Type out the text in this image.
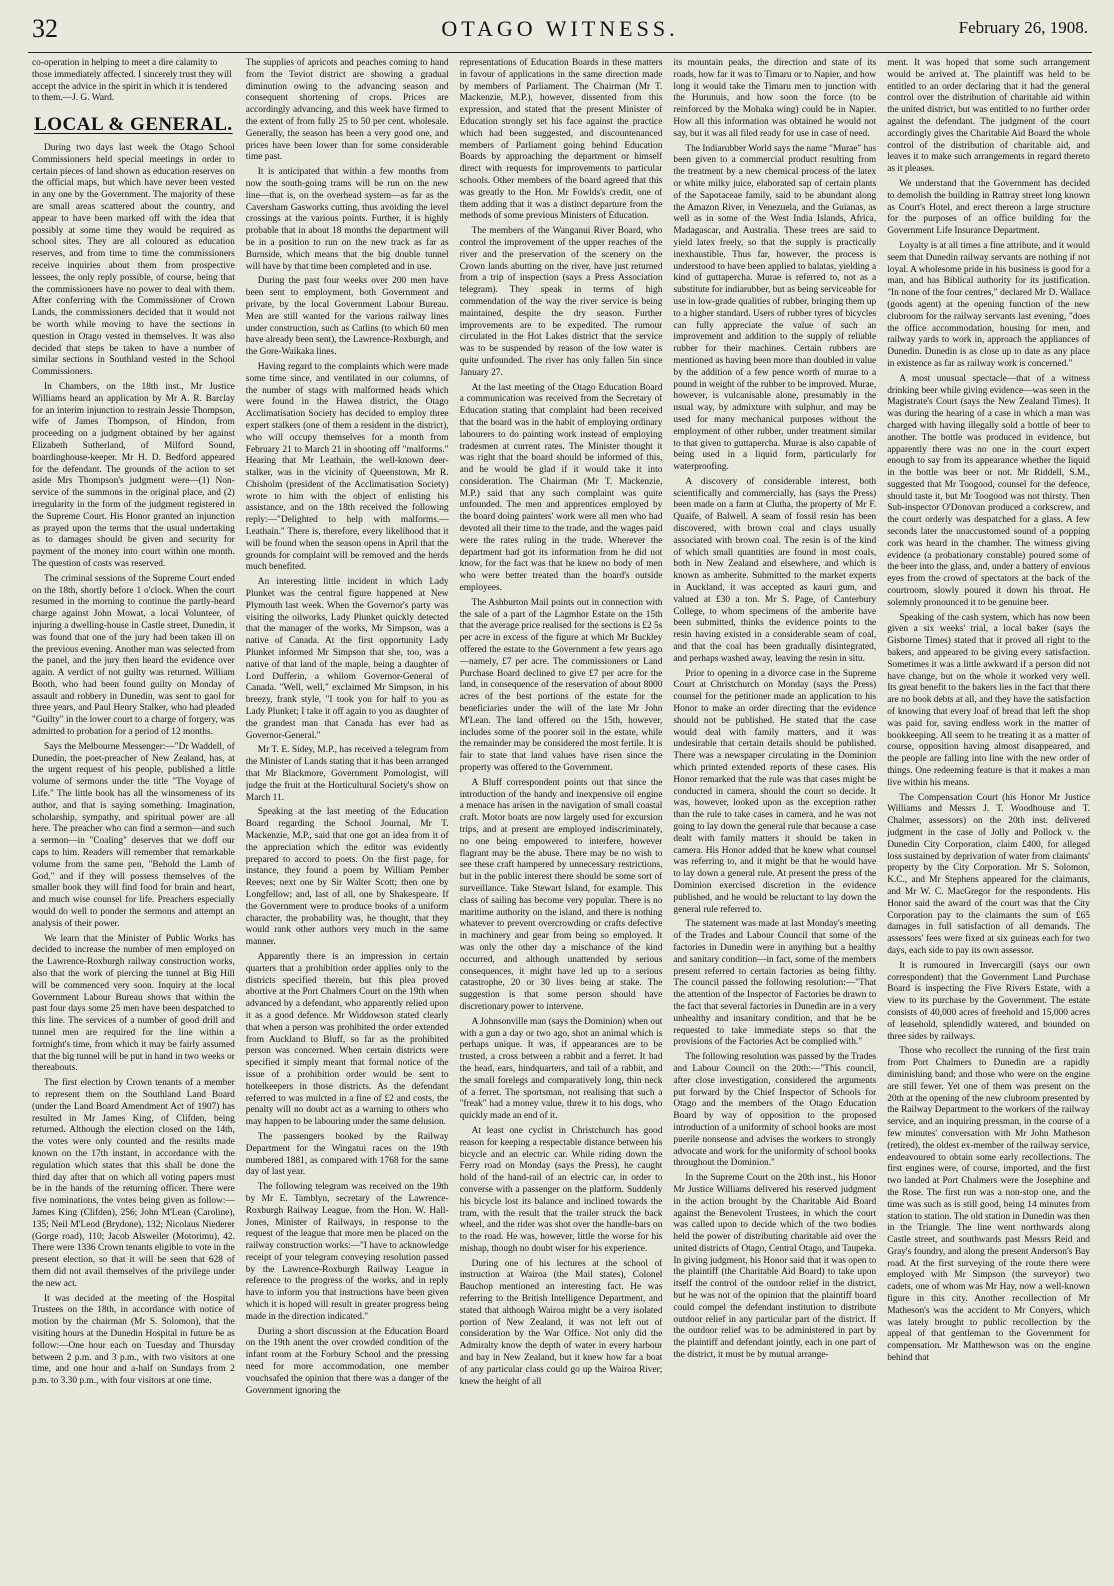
32	OTAGO WITNESS.	February 26, 1908.

co-operation in helping to meet a dire calamity to those immediately affected. I sincerely trust they will accept the advice in the spirit in which it is tendered to them.—J. G. Ward.

LOCAL & GENERAL.

During two days last week the Otago School Commissioners held special meetings in order to certain pieces of land shown as education reserves on the official maps, but which have never been vested in any one by the Government. The majority of these are small areas scattered about the country, and appear to have been marked off with the idea that possibly at some time they would be required as school sites. They are all coloured as education reserves, and from time to time the commissioners receive inquiries about them from prospective lessees, the only reply possible, of course, being that the commissioners have no power to deal with them. After conferring with the Commissioner of Crown Lands, the commissioners decided that it would not be worth while moving to have the sections in question in Otago vested in themselves. It was also decided that steps be taken to have a number of similar sections in Southland vested in the School Commissioners.

In Chambers, on the 18th inst., Mr Justice Williams heard an application by Mr A. R. Barclay for an interim injunction to restrain Jessie Thompson, wife of James Thompson, of Hindon, from proceeding on a judgment obtained by her against Elizabeth Sutherland, of Milford Sound, boardinghouse-keeper. Mr H. D. Bedford appeared for the defendant. The grounds of the action to set aside Mrs Thompson's judgment were—(1) Non-service of the summons in the original place, and (2) irregularity in the form of the judgment registered in the Supreme Court. His Honor granted an injunction as prayed upon the terms that the usual undertaking as to damages should be given and security for payment of the money into court within one month. The question of costs was reserved.

The criminal sessions of the Supreme Court ended on the 18th, shortly before 1 o'clock. When the court resumed in the morning to continue the partly-heard charge against John Mowat, a local Volunteer, of injuring a dwelling-house in Castle street, Dunedin, it was found that one of the jury had been taken ill on the previous evening. Another man was selected from the panel, and the jury then heard the evidence over again. A verdict of not guilty was returned. William Booth, who had been found guilty on Monday of assault and robbery in Dunedin, was sent to gaol for three years, and Paul Henry Stalker, who had pleaded "Guilty" in the lower court to a charge of forgery, was admitted to probation for a period of 12 months.

Says the Melbourne Messenger:—"Dr Waddell, of Dunedin, the poet-preacher of New Zealand, has, at the urgent request of his people, published a little volume of sermons under the title "The Voyage of Life." The little book has all the winsomeness of its author, and that is saying something. Imagination, scholarship, sympathy, and spiritual power are all here. The preacher who can find a sermon—and such a sermon—in "Coaling" deserves that we doff our caps to him. Readers will remember that remarkable volume from the same pen, "Behold the Lamb of God," and if they will possess themselves of the smaller book they will find food for brain and heart, and much wise counsel for life. Preachers especially would do well to ponder the sermons and attempt an analysis of their power.

We learn that the Minister of Public Works has decided to increase the number of men employed on the Lawrence-Roxburgh railway construction works, also that the work of piercing the tunnel at Big Hill will be commenced very soon. Inquiry at the local Government Labour Bureau shows that within the past four days some 25 men have been despatched to this line. The services of a number of good drill and tunnel men are required for the line within a fortnight's time, from which it may be fairly assumed that the big tunnel will be put in hand in two weeks or thereabouts.

The first election by Crown tenants of a member to represent them on the Southland Land Board (under the Land Board Amendment Act of 1907) has resulted in Mr James King, of Clifden, being returned. Although the election closed on the 14th, the votes were only counted and the results made known on the 17th instant, in accordance with the regulation which states that this shall be done the third day after that on which all voting papers must be in the hands of the returning officer. There were five nominations, the votes being given as follow:—James King (Clifden), 256; John M'Lean (Caroline), 135; Neil M'Leod (Brydone), 132; Nicolaus Niederer (Gorge road), 110; Jacob Alsweiler (Motorimu), 42. There were 1336 Crown tenants eligible to vote in the present election, so that it will be seen that 628 of them did not avail themselves of the privilege under the new act.

It was decided at the meeting of the Hospital Trustees on the 18th, in accordance with notice of motion by the chairman (Mr S. Solomon), that the visiting hours at the Dunedin Hospital in future be as follow:—One hour each on Tuesday and Thursday between 2 p.m. and 3 p.m., with two visitors at one time, and one hour and a-half on Sundays from 2 p.m. to 3.30 p.m., with four visitors at one time.

The supplies of apricots and peaches coming to hand from the Teviot district are showing a gradual diminution owing to the advancing season and consequent shortening of crops. Prices are accordingly advancing, and this week have firmed to the extent of from fully 25 to 50 per cent. wholesale. Generally, the season has been a very good one, and prices have been lower than for some considerable time past.

It is anticipated that within a few months from now the south-going trams will be run on the new line—that is, on the overhead system—as far as the Caversham Gasworks cutting, thus avoiding the level crossings at the various points. Further, it is highly probable that in about 18 months the department will be in a position to run on the new track as far as Burnside, which means that the big double tunnel will have by that time been completed and in use.

During the past four weeks over 200 men have been sent to employment, both Government and private, by the local Government Labour Bureau. Men are still wanted for the various railway lines under construction, such as Catlins (to which 60 men have already been sent), the Lawrence-Roxburgh, and the Gore-Waikaka lines.

Having regard to the complaints which were made some time since, and ventilated in our columns, of the number of stags with malformed heads which were found in the Hawea district, the Otago Acclimatisation Society has decided to employ three expert stalkers (one of them a resident in the district), who will occupy themselves for a month from February 21 to March 21 in shooting off "malforms." Hearing that Mr Leathain, the well-known deer-stalker, was in the vicinity of Queenstown, Mr R. Chisholm (president of the Acclimatisation Society) wrote to him with the object of enlisting his assistance, and on the 18th received the following reply:—"Delighted to help with malforms.—Leathain." There is, therefore, every likelihood that it will be found when the season opens in April that the grounds for complaint will be removed and the herds much benefited.

An interesting little incident in which Lady Plunket was the central figure happened at New Plymouth last week. When the Governor's party was visiting the oilworks, Lady Plunket quickly detected that the manager of the works, Mr Simpson, was a native of Canada. At the first opportunity Lady Plunket informed Mr Simpson that she, too, was a native of that land of the maple, being a daughter of Lord Dufferin, a whilom Governor-General of Canada. "Well, well," exclaimed Mr Simpson, in his breezy, frank style, "I took you for half to you as Lady Plunket; I take it off again to you as daughter of the grandest man that Canada has ever had as Governor-General."

Mr T. E. Sidey, M.P., has received a telegram from the Minister of Lands stating that it has been arranged that Mr Blackmore, Government Pomologist, will judge the fruit at the Horticultural Society's show on March 11.

Speaking at the last meeting of the Education Board regarding the School Journal, Mr T. Mackenzie, M.P., said that one got an idea from it of the appreciation which the editor was evidently prepared to accord to poets. On the first page, for instance, they found a poem by William Pember Reeves; next one by Sir Walter Scott; then one by Longfellow; and, last of all, one by Shakespeare. If the Government were to produce books of a uniform character, the probability was, he thought, that they would rank other authors very much in the same manner.

Apparently there is an impression in certain quarters that a prohibition order applies only to the districts specified therein, but this plea proved abortive at the Port Chalmers Court on the 19th when advanced by a defendant, who apparently relied upon it as a good defence. Mr Widdowson stated clearly that when a person was prohibited the order extended from Auckland to Bluff, so far as the prohibited person was concerned. When certain districts were specified it simply meant that formal notice of the issue of a prohibition order would be sent to hotelkeepers in those districts. As the defendant referred to was mulcted in a fine of £2 and costs, the penalty will no doubt act as a warning to others who may happen to be labouring under the same delusion.

The passengers booked by the Railway Department for the Wingatui races on the 19th numbered 1881, as compared with 1768 for the same day of last year.

The following telegram was received on the 19th by Mr E. Tamblyn, secretary of the Lawrence-Roxburgh Railway League, from the Hon. W. Hall-Jones, Minister of Railways, in response to the request of the league that more men be placed on the railway construction works:—"I have to acknowledge receipt of your telegram conveying resolution passed by the Lawrence-Roxburgh Railway League in reference to the progress of the works, and in reply have to inform you that instructions have been given which it is hoped will result in greater progress being made in the direction indicated."

During a short discussion at the Education Board on the 19th anent the over crowded condition of the infant room at the Forbury School and the pressing need for more accommodation, one member vouchsafed the opinion that there was a danger of the Government ignoring the

representations of Education Boards in these matters in favour of applications in the same direction made by members of Parliament. The Chairman (Mr T. Mackenzie, M.P.), however, dissented from this expression, and stated that the present Minister of Education strongly set his face against the practice which had been suggested, and discountenanced members of Parliament going behind Education Boards by approaching the department or himself direct with requests for improvements to particular schools. Other members of the board agreed that this was greatly to the Hon. Mr Fowlds's credit, one of them adding that it was a distinct departure from the methods of some previous Ministers of Education.

The members of the Wanganui River Board, who control the improvement of the upper reaches of the river and the preservation of the scenery on the Crown lands abutting on the river, have just returned from a trip of inspection (says a Press Association telegram). They speak in terms of high commendation of the way the river service is being maintained, despite the dry season. Further improvements are to be expedited. The rumour circulated in the Hot Lakes district that the service was to be suspended by reason of the low water is quite unfounded. The river has only fallen 5in since January 27.

At the last meeting of the Otago Education Board a communication was received from the Secretary of Education stating that complaint had been received that the board was in the habit of employing ordinary labourers to do painting work instead of employing tradesmen at current rates. The Minister thought it was right that the board should be informed of this, and he would be glad if it would take it into consideration. The Chairman (Mr T. Mackenzie, M.P.) said that any such complaint was quite unfounded. The men and apprentices employed by the board doing painters' work were all men who had devoted all their time to the trade, and the wages paid were the rates ruling in the trade. Wherever the department had got its information from he did not know, for the fact was that he knew no body of men who were better treated than the board's outside employees.

The Ashburton Mail points out in connection with the sale of a part of the Lagmhor Estate on the 15th that the average price realised for the sections is £2 5s per acre in excess of the figure at which Mr Buckley offered the estate to the Government a few years ago—namely, £7 per acre. The commissioners or Land Purchase Board declined to give £7 per acre for the land, in consequence of the reservation of about 8000 acres of the best portions of the estate for the beneficiaries under the will of the late Mr John M'Lean. The land offered on the 15th, however, includes some of the poorer soil in the estate, while the remainder may be considered the most fertile. It is fair to state that land values have risen since the property was offered to the Government.

A Bluff correspondent points out that since the introduction of the handy and inexpensive oil engine a menace has arisen in the navigation of small coastal craft. Motor boats are now largely used for excursion trips, and at present are employed indiscriminately, no one being empowered to interfere, however flagrant may be the abuse. There may be no wish to see these craft hampered by unnecessary restrictions, but in the public interest there should be some sort of surveillance. Take Stewart Island, for example. This class of sailing has become very popular. There is no maritime authority on the island, and there is nothing whatever to prevent overcrowding or crafts defective in machinery and gear from being so employed. It was only the other day a mischance of the kind occurred, and although unattended by serious consequences, it might have led up to a serious catastrophe, 20 or 30 lives being at stake. The suggestion is that some person should have discretionary power to intervene.

A Johnsonville man (says the Dominion) when out with a gun a day or two ago, shot an animal which is perhaps unique. It was, if appearances are to be trusted, a cross between a rabbit and a ferret. It had the head, ears, hindquarters, and tail of a rabbit, and the small forelegs and comparatively long, thin neck of a ferret. The sportsman, not realising that such a "freak" had a money value, threw it to his dogs, who quickly made an end of it.

At least one cyclist in Christchurch has good reason for keeping a respectable distance between his bicycle and an electric car. While riding down the Ferry road on Monday (says the Press), he caught hold of the hand-rail of an electric car, in order to converse with a passenger on the platform. Suddenly his bicycle lost its balance and inclined towards the tram, with the result that the trailer struck the back wheel, and the rider was shot over the handle-bars on to the road. He was, however, little the worse for his mishap, though no doubt wiser for his experience.

During one of his lectures at the school of instruction at Wairoa (the Mail states), Colonel Bauchop mentioned an interesting fact. He was referring to the British Intelligence Department, and stated that although Wairoa might be a very isolated portion of New Zealand, it was not left out of consideration by the War Office. Not only did the Admiralty know the depth of water in every harbour and bay in New Zealand, but it knew how far a boat of any particular class could go up the Wairoa River; knew the height of all

its mountain peaks, the direction and state of its roads, how far it was to Timaru or to Napier, and how long it would take the Timaru men to junction with the Hurunuis, and how soon the force (to be reinforced by the Mohaka wing) could be in Napier. How all this information was obtained he would not say, but it was all filed ready for use in case of need.

The Indiarubber World says the name "Murae" has been given to a commercial product resulting from the treatment by a new chemical process of the latex or white milky juice, elaborated sap of certain plants of the Sapotaceae family, said to be abundant along the Amazon River, in Venezuela, and the Guianas, as well as in some of the West India Islands, Africa, Madagascar, and Australia. These trees are said to yield latex freely, so that the supply is practically inexhaustible. Thus far, however, the process is understood to have been applied to balatas, yielding a kind of guttapercha. Murae is referred to, not as a substitute for indiarubber, but as being serviceable for use in low-grade qualities of rubber, bringing them up to a higher standard. Users of rubber tyres of bicycles can fully appreciate the value of such an improvement and addition to the supply of reliable rubber for their machines. Certain rubbers are mentioned as having been more than doubled in value by the addition of a few pence worth of murae to a pound in weight of the rubber to be improved. Murae, however, is vulcanisable alone, presumably in the usual way, by admixture with sulphur, and may be used for many mechanical purposes without the employment of other rubber, under treatment similar to that given to guttapercha. Murae is also capable of being used in a liquid form, particularly for waterproofing.

A discovery of considerable interest, both scientifically and commercially, has (says the Press) been made on a farm at Clutha, the property of Mr F. Quaife, of Balwell. A seam of fossil resin has been discovered, with brown coal and clays usually associated with brown coal. The resin is of the kind of which small quantities are found in most coals, both in New Zealand and elsewhere, and which is known as amberite. Submitted to the market experts in Auckland, it was accepted as kauri gum, and valued at £30 a ton. Mr S. Page, of Canterbury College, to whom specimens of the amberite have been submitted, thinks the evidence points to the resin having existed in a considerable seam of coal, and that the coal has been gradually disintegrated, and perhaps washed away, leaving the resin in situ.

Prior to opening in a divorce case in the Supreme Court at Christchurch on Monday (says the Press) counsel for the petitioner made an application to his Honor to make an order directing that the evidence should not be published. He stated that the case would deal with family matters, and it was undesirable that certain details should be published. There was a newspaper circulating in the Dominion which printed extended reports of these cases. His Honor remarked that the rule was that cases might be conducted in camera, should the court so decide. It was, however, looked upon as the exception rather than the rule to take cases in camera, and he was not going to lay down the general rule that because a case dealt with family matters it should be taken in camera. His Honor added that he knew what counsel was referring to, and it might be that he would have to lay down a general rule. At present the press of the Dominion exercised discretion in the evidence published, and he would be reluctant to lay down the general rule referred to.

The statement was made at last Monday's meeting of the Trades and Labour Council that some of the factories in Dunedin were in anything but a healthy and sanitary condition—in fact, some of the members present referred to certain factories as being filthy. The council passed the following resolution:—"That the attention of the Inspector of Factories be drawn to the fact that several factories in Dunedin are in a very unhealthy and insanitary condition, and that he be requested to take immediate steps so that the provisions of the Factories Act be complied with."

The following resolution was passed by the Trades and Labour Council on the 20th:—"This council, after close investigation, considered the arguments put forward by the Chief Inspector of Schools for Otago and the members of the Otago Education Board by way of opposition to the proposed introduction of a uniformity of school books are most puerile nonsense and advises the workers to strongly advocate and work for the uniformity of school books throughout the Dominion."

In the Supreme Court on the 20th inst., his Honor Mr Justice Williams delivered his reserved judgment in the action brought by the Charitable Aid Board against the Benevolent Trustees, in which the court was called upon to decide which of the two bodies held the power of distributing charitable aid over the united districts of Otago, Central Otago, and Taupeka. In giving judgment, his Honor said that it was open to the plaintiff (the Charitable Aid Board) to take upon itself the control of the outdoor relief in the district, but he was not of the opinion that the plaintiff board could compel the defendant institution to distribute outdoor relief in any particular part of the district. If the outdoor relief was to be administered in part by the plaintiff and defendant jointly, each in one part of the district, it must be by mutual arrange-

ment. It was hoped that some such arrangement would be arrived at. The plaintiff was held to be entitled to an order declaring that it had the general control over the distribution of charitable aid within the united district, but was entitled to no further order against the defendant. The judgment of the court accordingly gives the Charitable Aid Board the whole control of the distribution of charitable aid, and leaves it to make such arrangements in regard thereto as it pleases.

We understand that the Government has decided to demolish the building in Rattray street long known as Court's Hotel, and erect thereon a large structure for the purposes of an office building for the Government Life Insurance Department.

Loyalty is at all times a fine attribute, and it would seem that Dunedin railway servants are nothing if not loyal. A wholesome pride in his business is good for a man, and has Biblical authority for its justification. "In none of the four centres," declared Mr D. Wallace (goods agent) at the opening function of the new clubroom for the railway servants last evening, "does the office accommodation, housing for men, and railway yards to work in, approach the appliances of Dunedin. Dunedin is as close up to date as any place in existence as far as railway work is concerned."

A most unusual spectacle—that of a witness drinking beer while giving evidence—was seen in the Magistrate's Court (says the New Zealand Times). It was during the hearing of a case in which a man was charged with having illegally sold a bottle of beer to another. The bottle was produced in evidence, but apparently there was no one in the court expert enough to say from its appearance whether the liquid in the bottle was beer or not. Mr Riddell, S.M., suggested that Mr Toogood, counsel for the defence, should taste it, but Mr Toogood was not thirsty. Then Sub-inspector O'Donovan produced a corkscrew, and the court orderly was despatched for a glass. A few seconds later the unaccustomed sound of a popping cork was heard in the chamber. The witness giving evidence (a probationary constable) poured some of the beer into the glass, and, under a battery of envious eyes from the crowd of spectators at the back of the courtroom, slowly poured it down his throat. He solemnly pronounced it to be genuine beer.

Speaking of the cash system, which has now been given a six weeks' trial, a local baker (says the Gisborne Times) stated that it proved all right to the bakers, and appeared to be giving every satisfaction. Sometimes it was a little awkward if a person did not have change, but on the whole it worked very well. Its great benefit to the bakers lies in the fact that there are no book debts at all, and they have the satisfaction of knowing that every loaf of bread that left the shop was paid for, saving endless work in the matter of bookkeeping. All seem to be treating it as a matter of course, opposition having almost disappeared, and the people are falling into line with the new order of things. One redeeming feature is that it makes a man live within his means.

The Compensation Court (his Honor Mr Justice Williams and Messrs J. T. Woodhouse and T. Chalmer, assessors) on the 20th inst. delivered judgment in the case of Jolly and Pollock v. the Dunedin City Corporation, claim £400, for alleged loss sustained by deprivation of water from claimants' property by the City Corporation. Mr S. Solomon, K.C., and Mr Stephens appeared for the claimants, and Mr W. C. MacGregor for the respondents. His Honor said the award of the court was that the City Corporation pay to the claimants the sum of £65 damages in full satisfaction of all demands. The assessors' fees were fixed at six guineas each for two days, each side to pay its own assessor.

It is rumoured in Invercargill (says our own correspondent) that the Government Land Purchase Board is inspecting the Five Rivers Estate, with a view to its purchase by the Government. The estate consists of 40,000 acres of freehold and 15,000 acres of leasehold, splendidly watered, and bounded on three sides by railways.

Those who recollect the running of the first train from Port Chalmers to Dunedin are a rapidly diminishing band; and those who were on the engine are still fewer. Yet one of them was present on the 20th at the opening of the new clubroom presented by the Railway Department to the workers of the railway service, and an inquiring pressman, in the course of a few minutes' conversation with Mr John Matheson (retired), the oldest ex-member of the railway service, endeavoured to obtain some early recollections. The first engines were, of course, imported, and the first two landed at Port Chalmers were the Josephine and the Rose. The first run was a non-stop one, and the time was such as is still good, being 14 minutes from station to station. The old station in Dunedin was then in the Triangle. The line went northwards along Castle street, and southwards past Messrs Reid and Gray's foundry, and along the present Anderson's Bay road. At the first surveying of the route there were employed with Mr Simpson (the surveyor) two cadets, one of whom was Mr Hay, now a well-known figure in this city. Another recollection of Mr Matheson's was the accident to Mr Conyers, which was lately brought to public recollection by the appeal of that gentleman to the Government for compensation. Mr Matthewson was on the engine behind that
